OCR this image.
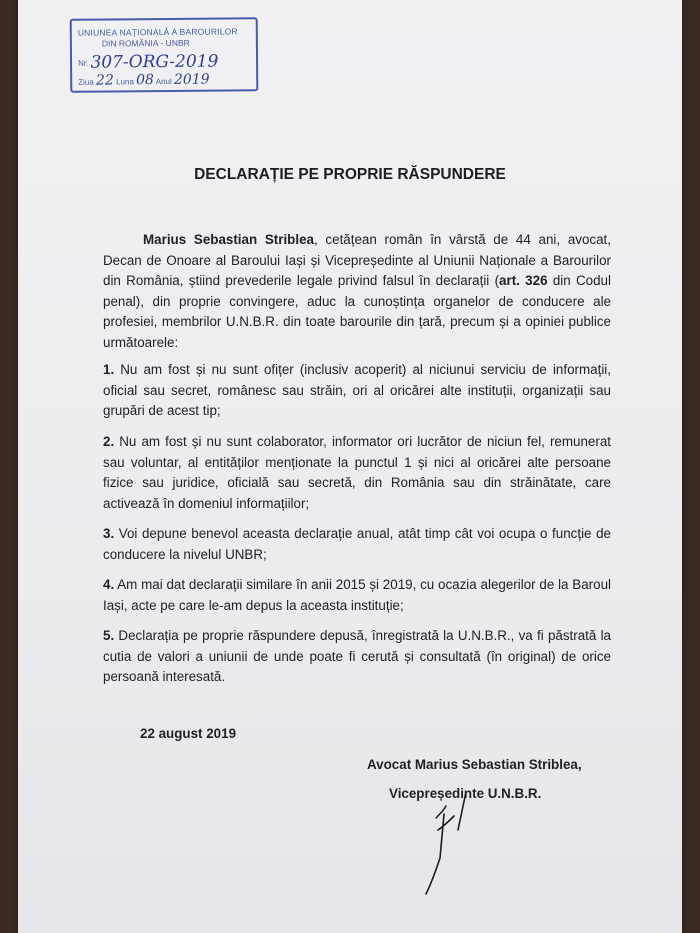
UNIUNEA NAȚIONALĂ A BAROURILOR
DIN ROMÂNIA - UNBR
Nr. 307-ORG-2019
Ziua 22 Luna 08 Anul 2019
DECLARAȚIE PE PROPRIE RĂSPUNDERE
Marius Sebastian Striblea, cetățean român în vârstă de 44 ani, avocat, Decan de Onoare al Baroului Iași și Vicepreședinte al Uniunii Naționale a Barourilor din România, știind prevederile legale privind falsul în declarații (art. 326 din Codul penal), din proprie convingere, aduc la cunoștința organelor de conducere ale profesiei, membrilor U.N.B.R. din toate barourile din țară, precum și a opiniei publice următoarele:
1. Nu am fost și nu sunt ofițer (inclusiv acoperit) al niciunui serviciu de informații, oficial sau secret, românesc sau străin, ori al oricărei alte instituții, organizații sau grupări de acest tip;
2. Nu am fost și nu sunt colaborator, informator ori lucrător de niciun fel, remunerat sau voluntar, al entităților menționate la punctul 1 și nici al oricărei alte persoane fizice sau juridice, oficială sau secretă, din România sau din străinătate, care activează în domeniul informațiilor;
3. Voi depune benevol aceasta declarație anual, atât timp cât voi ocupa o funcție de conducere la nivelul UNBR;
4. Am mai dat declarații similare în anii 2015 și 2019, cu ocazia alegerilor de la Baroul Iași, acte pe care le-am depus la aceasta instituție;
5. Declarația pe proprie răspundere depusă, înregistrată la U.N.B.R., va fi păstrată la cutia de valori a uniunii de unde poate fi cerută și consultată (în original) de orice persoană interesată.
22 august 2019
Avocat Marius Sebastian Striblea,
Vicepreședinte U.N.B.R.
